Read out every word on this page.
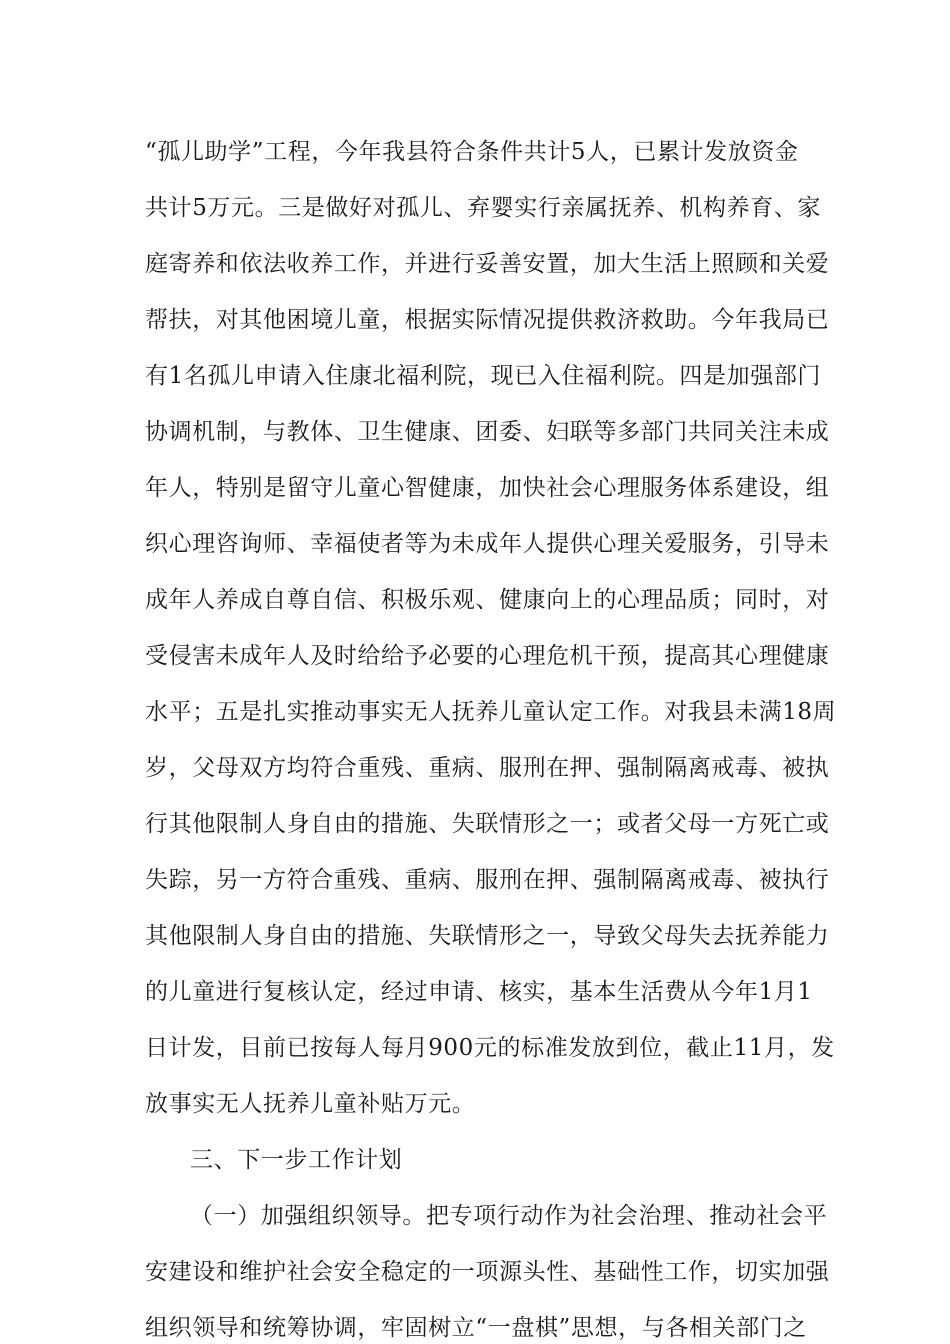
“孤儿助学”工程，今年我县符合条件共计5人，已累计发放资金
共计5万元。三是做好对孤儿、弃婴实行亲属抚养、机构养育、家
庭寄养和依法收养工作，并进行妥善安置，加大生活上照顾和关爱
帮扶，对其他困境儿童，根据实际情况提供救济救助。今年我局已
有1名孤儿申请入住康北福利院，现已入住福利院。四是加强部门
协调机制，与教体、卫生健康、团委、妇联等多部门共同关注未成
年人，特别是留守儿童心智健康，加快社会心理服务体系建设，组
织心理咨询师、幸福使者等为未成年人提供心理关爱服务，引导未
成年人养成自尊自信、积极乐观、健康向上的心理品质；同时，对
受侵害未成年人及时给给予必要的心理危机干预，提高其心理健康
水平；五是扎实推动事实无人抚养儿童认定工作。对我县未满18周
岁，父母双方均符合重残、重病、服刑在押、强制隔离戒毒、被执
行其他限制人身自由的措施、失联情形之一；或者父母一方死亡或
失踪，另一方符合重残、重病、服刑在押、强制隔离戒毒、被执行
其他限制人身自由的措施、失联情形之一，导致父母失去抚养能力
的儿童进行复核认定，经过申请、核实，基本生活费从今年1月1
日计发，目前已按每人每月900元的标准发放到位，截止11月，发
放事实无人抚养儿童补贴万元。
三、下一步工作计划
（一）加强组织领导。把专项行动作为社会治理、推动社会平
安建设和维护社会安全稳定的一项源头性、基础性工作，切实加强
组织领导和统筹协调，牢固树立“一盘棋”思想，与各相关部门之
